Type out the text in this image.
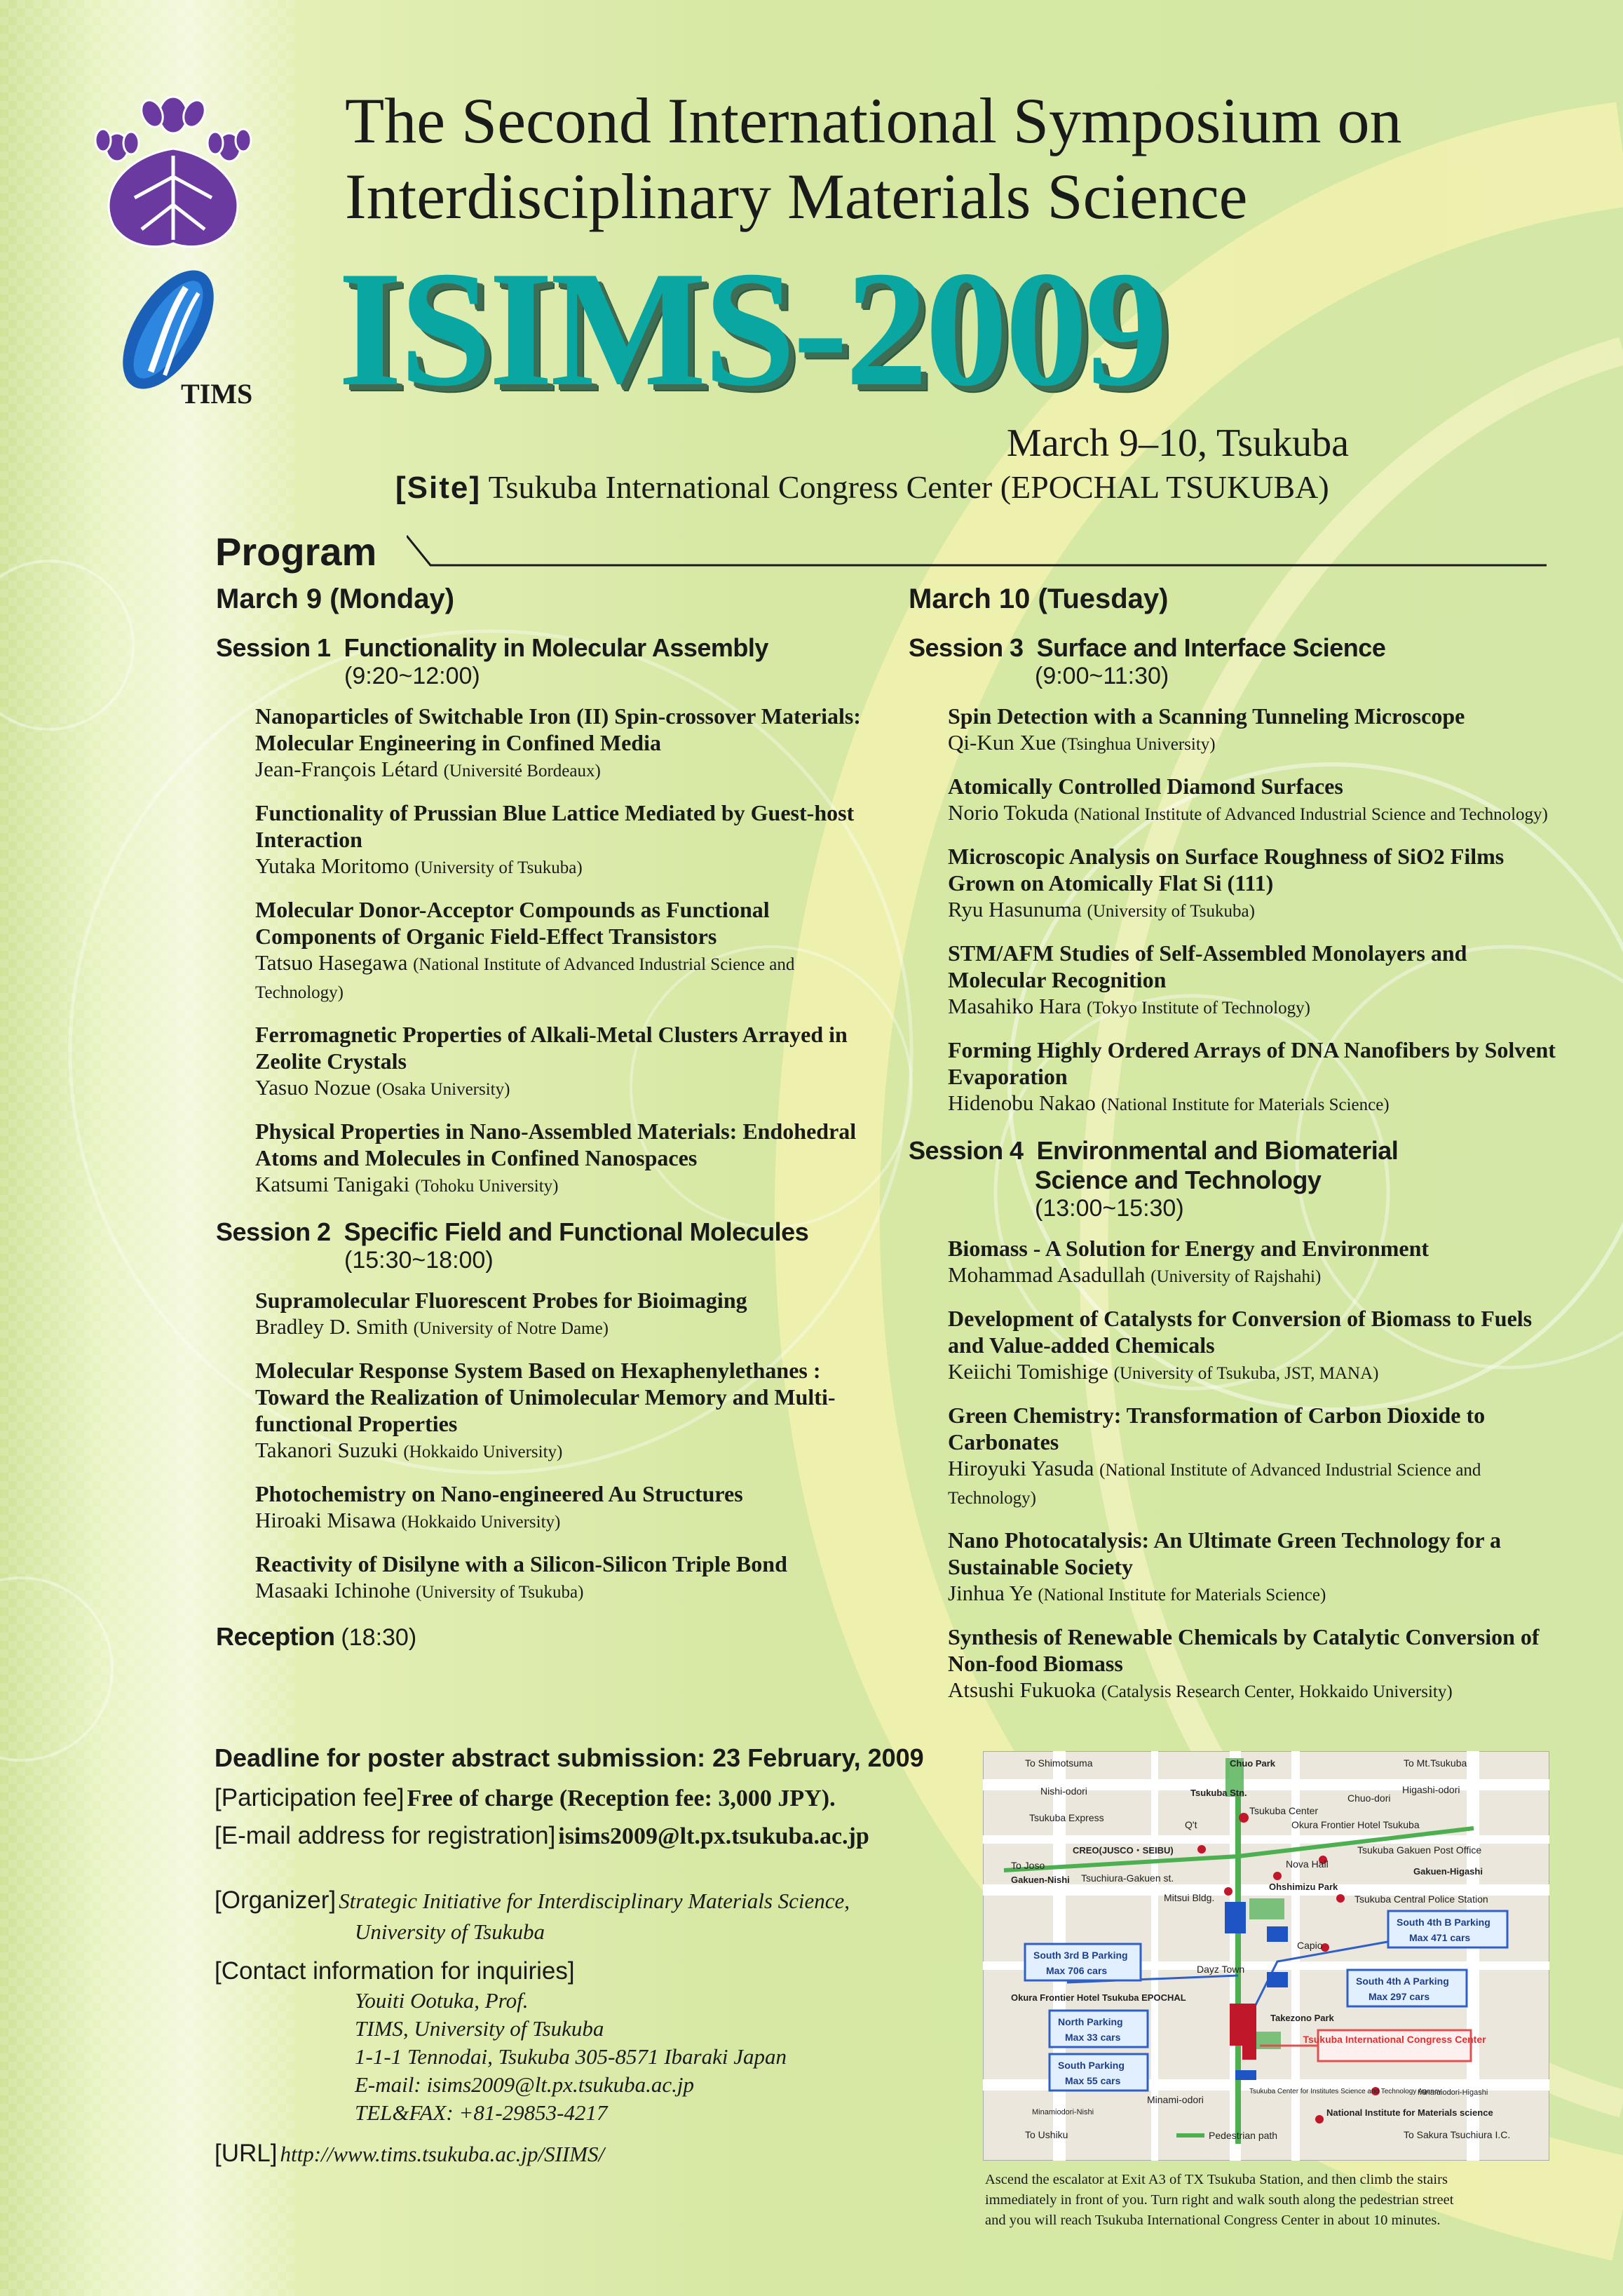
TIMS
The Second International Symposium on
Interdisciplinary Materials Science
ISIMS-2009
March 9–10, Tsukuba
[Site] Tsukuba International Congress Center (EPOCHAL TSUKUBA)
Program
March 9 (Monday)
Session 1 Functionality in Molecular Assembly
(9:20~12:00)
Nanoparticles of Switchable Iron (II) Spin-crossover Materials: Molecular Engineering in Confined Media
Jean-François Létard (Université Bordeaux)
Functionality of Prussian Blue Lattice Mediated by Guest-host Interaction
Yutaka Moritomo (University of Tsukuba)
Molecular Donor-Acceptor Compounds as Functional Components of Organic Field-Effect Transistors
Tatsuo Hasegawa (National Institute of Advanced Industrial Science and Technology)
Ferromagnetic Properties of Alkali-Metal Clusters Arrayed in Zeolite Crystals
Yasuo Nozue (Osaka University)
Physical Properties in Nano-Assembled Materials: Endohedral Atoms and Molecules in Confined Nanospaces
Katsumi Tanigaki (Tohoku University)
Session 2 Specific Field and Functional Molecules
(15:30~18:00)
Supramolecular Fluorescent Probes for Bioimaging
Bradley D. Smith (University of Notre Dame)
Molecular Response System Based on Hexaphenylethanes : Toward the Realization of Unimolecular Memory and Multi-functional Properties
Takanori Suzuki (Hokkaido University)
Photochemistry on Nano-engineered Au Structures
Hiroaki Misawa (Hokkaido University)
Reactivity of Disilyne with a Silicon-Silicon Triple Bond
Masaaki Ichinohe (University of Tsukuba)
Reception (18:30)
March 10 (Tuesday)
Session 3 Surface and Interface Science
(9:00~11:30)
Spin Detection with a Scanning Tunneling Microscope
Qi-Kun Xue (Tsinghua University)
Atomically Controlled Diamond Surfaces
Norio Tokuda (National Institute of Advanced Industrial Science and Technology)
Microscopic Analysis on Surface Roughness of SiO2 Films Grown on Atomically Flat Si (111)
Ryu Hasunuma (University of Tsukuba)
STM/AFM Studies of Self-Assembled Monolayers and Molecular Recognition
Masahiko Hara (Tokyo Institute of Technology)
Forming Highly Ordered Arrays of DNA Nanofibers by Solvent Evaporation
Hidenobu Nakao (National Institute for Materials Science)
Session 4 Environmental and Biomaterial
Science and Technology
(13:00~15:30)
Biomass - A Solution for Energy and Environment
Mohammad Asadullah (University of Rajshahi)
Development of Catalysts for Conversion of Biomass to Fuels and Value-added Chemicals
Keiichi Tomishige (University of Tsukuba, JST, MANA)
Green Chemistry: Transformation of Carbon Dioxide to Carbonates
Hiroyuki Yasuda (National Institute of Advanced Industrial Science and Technology)
Nano Photocatalysis: An Ultimate Green Technology for a Sustainable Society
Jinhua Ye (National Institute for Materials Science)
Synthesis of Renewable Chemicals by Catalytic Conversion of Non-food Biomass
Atsushi Fukuoka (Catalysis Research Center, Hokkaido University)
Deadline for poster abstract submission: 23 February, 2009
[Participation fee] Free of charge (Reception fee: 3,000 JPY).
[E-mail address for registration] isims2009@lt.px.tsukuba.ac.jp
[Organizer] Strategic Initiative for Interdisciplinary Materials Science,
University of Tsukuba
[Contact information for inquiries]
Youiti Ootuka, Prof.
TIMS, University of Tsukuba
1-1-1 Tennodai, Tsukuba 305-8571 Ibaraki Japan
E-mail: isims2009@lt.px.tsukuba.ac.jp
TEL&FAX: +81-29853-4217
[URL] http://www.tims.tsukuba.ac.jp/SIIMS/
To Shimotsuma	Chuo Park	To Mt.Tsukuba
Nishi-odori	Tsukuba Stn.	Chuo-dori
Higashi-odori
Tsukuba Center
Tsukuba Express
Q't	Okura Frontier Hotel Tsukuba
CREO(JUSCO・SEIBU)	Tsukuba Gakuen Post Office
To Joso	Nova Hall
Gakuen-Higashi
Gakuen-Nishi Tsuchiura-Gakuen st.
Ohshimizu Park
Tsukuba Central Police Station
Mitsui Bldg.
Capio
Dayz Town
Okura Frontier Hotel Tsukuba EPOCHAL
Takezono Park
Minami-odori
Tsukuba Center for Institutes Science and Technology Agency
Minamiodori-Higashi
Minamiodori-Nishi	National Institute for Materials science
To Ushiku	Pedestrian path	To Sakura Tsuchiura I.C.
Tsukuba International Congress Center
South 3rd B Parking
Max 706 cars
South 4th B Parking
Max 471 cars
South 4th A Parking
Max 297 cars
North Parking
Max 33 cars
South Parking
Max 55 cars
Ascend the escalator at Exit A3 of TX Tsukuba Station, and then climb the stairs
immediately in front of you. Turn right and walk south along the pedestrian street
and you will reach Tsukuba International Congress Center in about 10 minutes.
